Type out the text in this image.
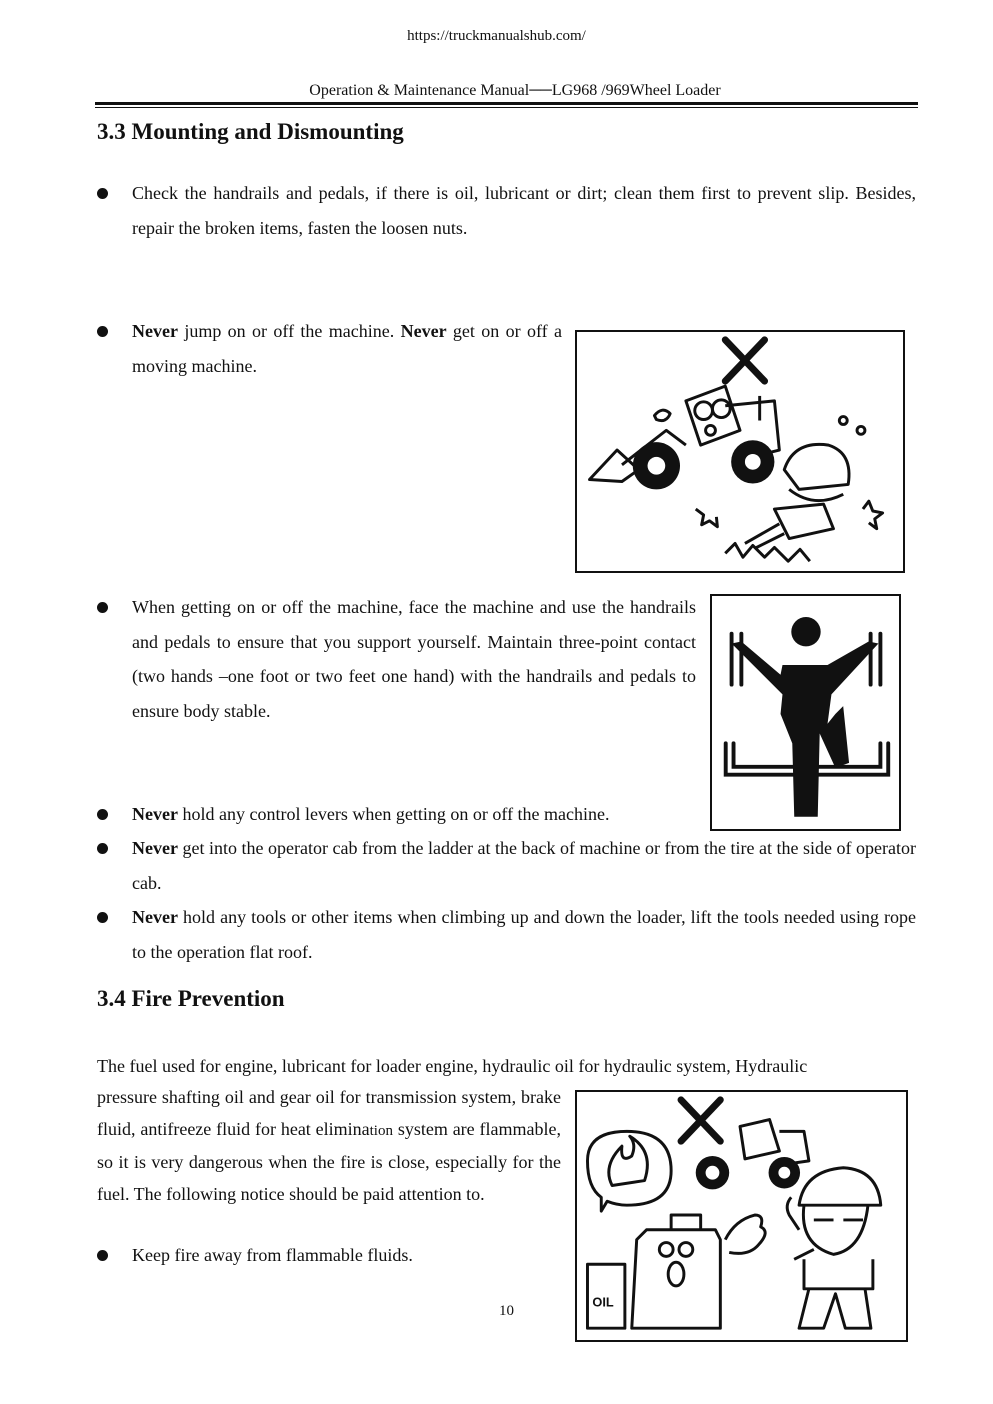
https://truckmanualshub.com/
Operation & Maintenance Manual──LG968 /969Wheel Loader
3.3 Mounting and Dismounting
Check the handrails and pedals, if there is oil, lubricant or dirt; clean them first to prevent slip. Besides, repair the broken items, fasten the loosen nuts.
Never jump on or off the machine. Never get on or off a moving machine.
When getting on or off the machine, face the machine and use the handrails and pedals to ensure that you support yourself. Maintain three-point contact (two hands –one foot or two feet one hand) with the handrails and pedals to ensure body stable.
Never hold any control levers when getting on or off the machine.
Never get into the operator cab from the ladder at the back of machine or from the tire at the side of operator cab.
Never hold any tools or other items when climbing up and down the loader, lift the tools needed using rope to the operation flat roof.
3.4 Fire Prevention
The fuel used for engine, lubricant for loader engine, hydraulic oil for hydraulic system, Hydraulic
pressure shafting oil and gear oil for transmission system, brake fluid, antifreeze fluid for heat elimination system are flammable, so it is very dangerous when the fire is close, especially for the fuel. The following notice should be paid attention to.
Keep fire away from flammable fluids.
OIL
10
